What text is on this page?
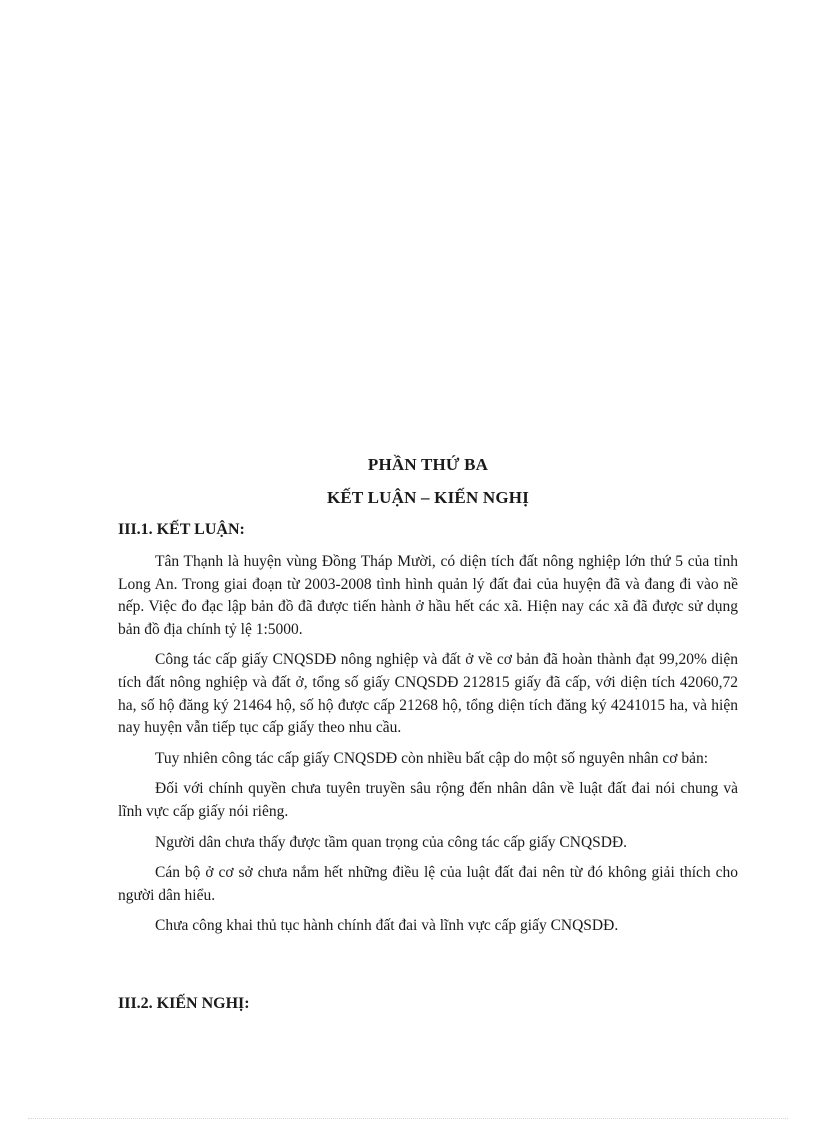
PHẦN THỨ BA
KẾT LUẬN – KIẾN NGHỊ
III.1. KẾT LUẬN:

Tân Thạnh là huyện vùng Đồng Tháp Mười, có diện tích đất nông nghiệp lớn thứ 5 của tỉnh Long An. Trong giai đoạn từ 2003-2008 tình hình quản lý đất đai của huyện đã và đang đi vào nề nếp. Việc đo đạc lập bản đồ đã được tiến hành ở hầu hết các xã. Hiện nay các xã đã được sử dụng bản đồ địa chính tỷ lệ 1:5000.

Công tác cấp giấy CNQSDĐ nông nghiệp và đất ở về cơ bản đã hoàn thành đạt 99,20% diện tích đất nông nghiệp và đất ở, tổng số giấy CNQSDĐ 212815 giấy đã cấp, với diện tích 42060,72 ha, số hộ đăng ký 21464 hộ, số hộ được cấp 21268 hộ, tổng diện tích đăng ký 4241015 ha, và hiện nay huyện vẫn tiếp tục cấp giấy theo nhu cầu.

Tuy nhiên công tác cấp giấy CNQSDĐ còn nhiều bất cập do một số nguyên nhân cơ bản:

Đối với chính quyền chưa tuyên truyền sâu rộng đến nhân dân về luật đất đai nói chung và lĩnh vực cấp giấy nói riêng.

Người dân chưa thấy được tầm quan trọng của công tác cấp giấy CNQSDĐ.

Cán bộ ở cơ sở chưa nắm hết những điều lệ của luật đất đai nên từ đó không giải thích cho người dân hiểu.

Chưa công khai thủ tục hành chính đất đai và lĩnh vực cấp giấy CNQSDĐ.

III.2. KIẾN NGHỊ:
